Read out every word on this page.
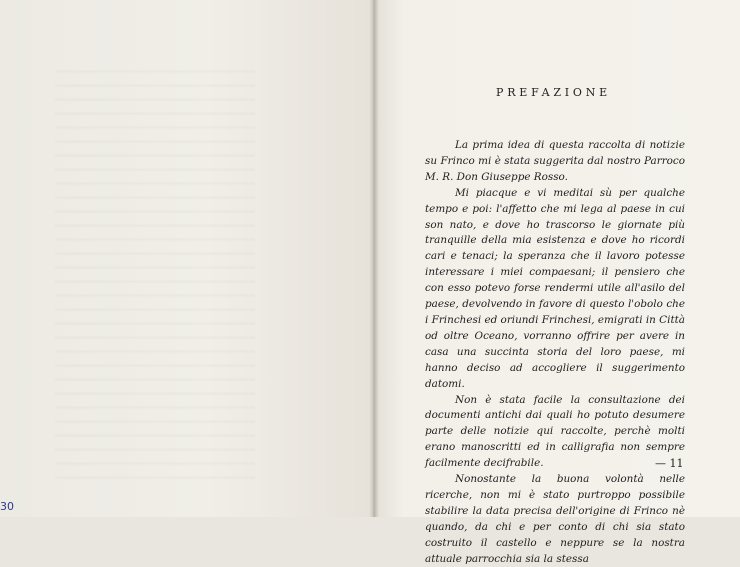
30
PREFAZIONE

La prima idea di questa raccolta di notizie su Frinco mi è stata suggerita dal nostro Parroco M. R. Don Giuseppe Rosso.

Mi piacque e vi meditai sù per qualche tempo e poi: l'affetto che mi lega al paese in cui son nato, e dove ho trascorso le giornate più tranquille della mia esistenza e dove ho ricordi cari e tenaci; la speranza che il lavoro potesse interessare i miei compaesani; il pensiero che con esso potevo forse rendermi utile all'asilo del paese, devolvendo in favore di questo l'obolo che i Frinchesi ed oriundi Frinchesi, emigrati in Città od oltre Oceano, vorranno offrire per avere in casa una succinta storia del loro paese, mi hanno deciso ad accogliere il suggerimento datomi.

Non è stata facile la consultazione dei documenti antichi dai quali ho potuto desumere parte delle notizie qui raccolte, perchè molti erano manoscritti ed in calligrafia non sempre facilmente decifrabile.

Nonostante la buona volontà nelle ricerche, non mi è stato purtroppo possibile stabilire la data precisa dell'origine di Frinco nè quando, da chi e per conto di chi sia stato costruito il castello e neppure se la nostra attuale parrocchia sia la stessa

— 11
